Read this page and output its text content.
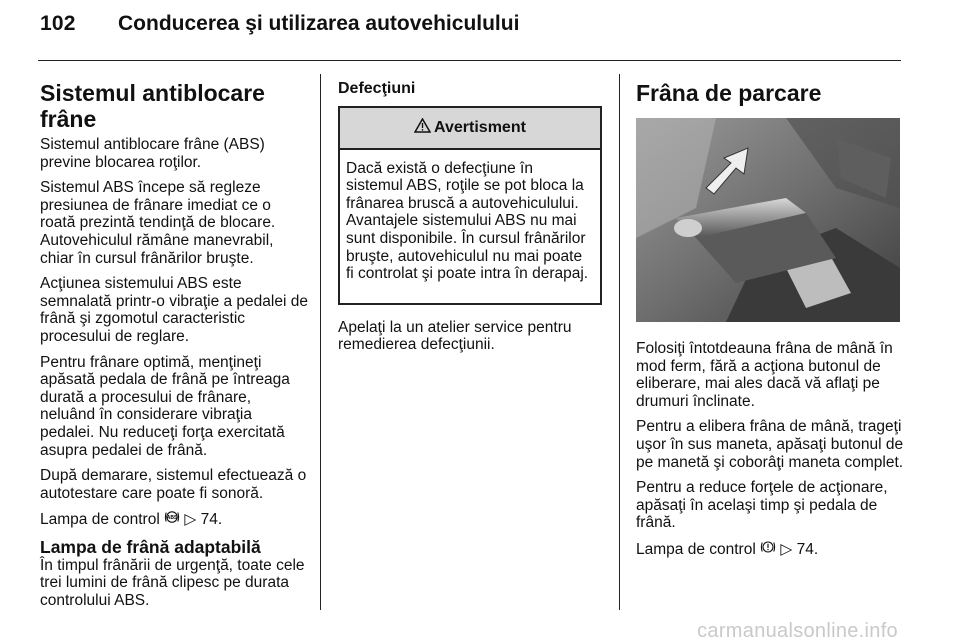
102 Conducerea şi utilizarea autovehiculului
Sistemul antiblocare frâne

Sistemul antiblocare frâne (ABS) previne blocarea roţilor.

Sistemul ABS începe să regleze presiunea de frânare imediat ce o roată prezintă tendinţă de blocare. Autovehiculul rămâne manevrabil, chiar în cursul frânărilor bruşte.

Acţiunea sistemului ABS este semnalată printr-o vibraţie a pedalei de frână şi zgomotul caracteristic procesului de reglare.

Pentru frânare optimă, menţineţi apăsată pedala de frână pe întreaga durată a procesului de frânare, neluând în considerare vibraţia pedalei. Nu reduceţi forţa exercitată asupra pedalei de frână.

După demarare, sistemul efectuează o autotestare care poate fi sonoră.

Lampa de control ABS ▷ 74.

Lampa de frână adaptabilă

În timpul frânării de urgenţă, toate cele trei lumini de frână clipesc pe durata controlului ABS.

Defecţiuni
Avertisment
Dacă există o defecţiune în sistemul ABS, roţile se pot bloca la frânarea bruscă a autovehiculului. Avantajele sistemului ABS nu mai sunt disponibile. În cursul frânărilor bruşte, autovehiculul nu mai poate fi controlat şi poate intra în derapaj.

Apelaţi la un atelier service pentru remedierea defecţiunii.

Frâna de parcare

Folosiţi întotdeauna frâna de mână în mod ferm, fără a acţiona butonul de eliberare, mai ales dacă vă aflaţi pe drumuri înclinate.

Pentru a elibera frâna de mână, trageţi uşor în sus maneta, apăsaţi butonul de pe manetă şi coborâţi maneta complet.

Pentru a reduce forţele de acţionare, apăsaţi în acelaşi timp şi pedala de frână.

Lampa de control ▷ 74.

carmanualsonline.info
